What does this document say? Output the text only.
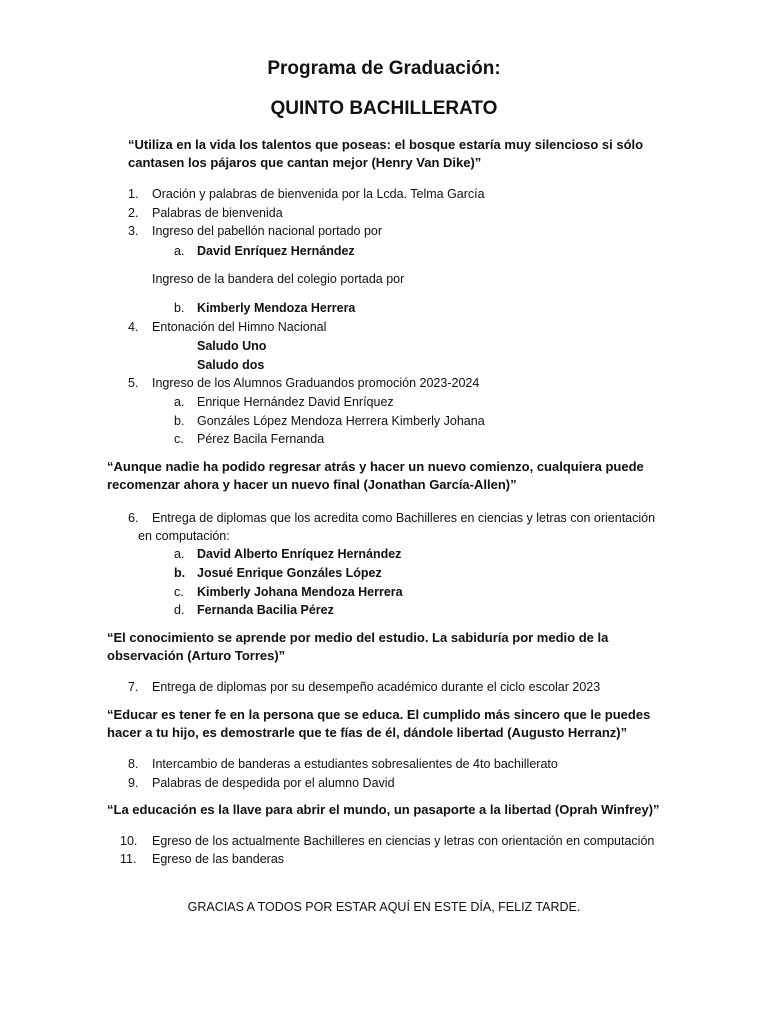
Programa de Graduación:
QUINTO BACHILLERATO

“Utiliza en la vida los talentos que poseas: el bosque estaría muy silencioso si sólo cantasen los pájaros que cantan mejor (Henry Van Dike)”

1. Oración y palabras de bienvenida por la Lcda. Telma García
2. Palabras de bienvenida
3. Ingreso del pabellón nacional portado por
a. David Enríquez Hernández
Ingreso de la bandera del colegio portada por
b. Kimberly Mendoza Herrera
4. Entonación del Himno Nacional
Saludo Uno
Saludo dos
5. Ingreso de los Alumnos Graduandos promoción 2023-2024
a. Enrique Hernández David Enríquez
b. Gonzáles López Mendoza Herrera Kimberly Johana
c. Pérez Bacila Fernanda

“Aunque nadie ha podido regresar atrás y hacer un nuevo comienzo, cualquiera puede recomenzar ahora y hacer un nuevo final (Jonathan García-Allen)”

6.	Entrega de diplomas que los acredita como Bachilleres en ciencias y letras con orientación en computación:
a. David Alberto Enríquez Hernández
b. Josué Enrique Gonzáles López
c. Kimberly Johana Mendoza Herrera
d. Fernanda Bacilia Pérez

“El conocimiento se aprende por medio del estudio. La sabiduría por medio de la observación (Arturo Torres)”

7. Entrega de diplomas por su desempeño académico durante el ciclo escolar 2023

“Educar es tener fe en la persona que se educa. El cumplido más sincero que le puedes hacer a tu hijo, es demostrarle que te fías de él, dándole libertad (Augusto Herranz)”

8. Intercambio de banderas a estudiantes sobresalientes de 4to bachillerato
9. Palabras de despedida por el alumno David

“La educación es la llave para abrir el mundo, un pasaporte a la libertad (Oprah Winfrey)”

10. Egreso de los actualmente Bachilleres en ciencias y letras con orientación en computación
11. Egreso de las banderas

GRACIAS A TODOS POR ESTAR AQUÍ EN ESTE DÍA, FELIZ TARDE.
